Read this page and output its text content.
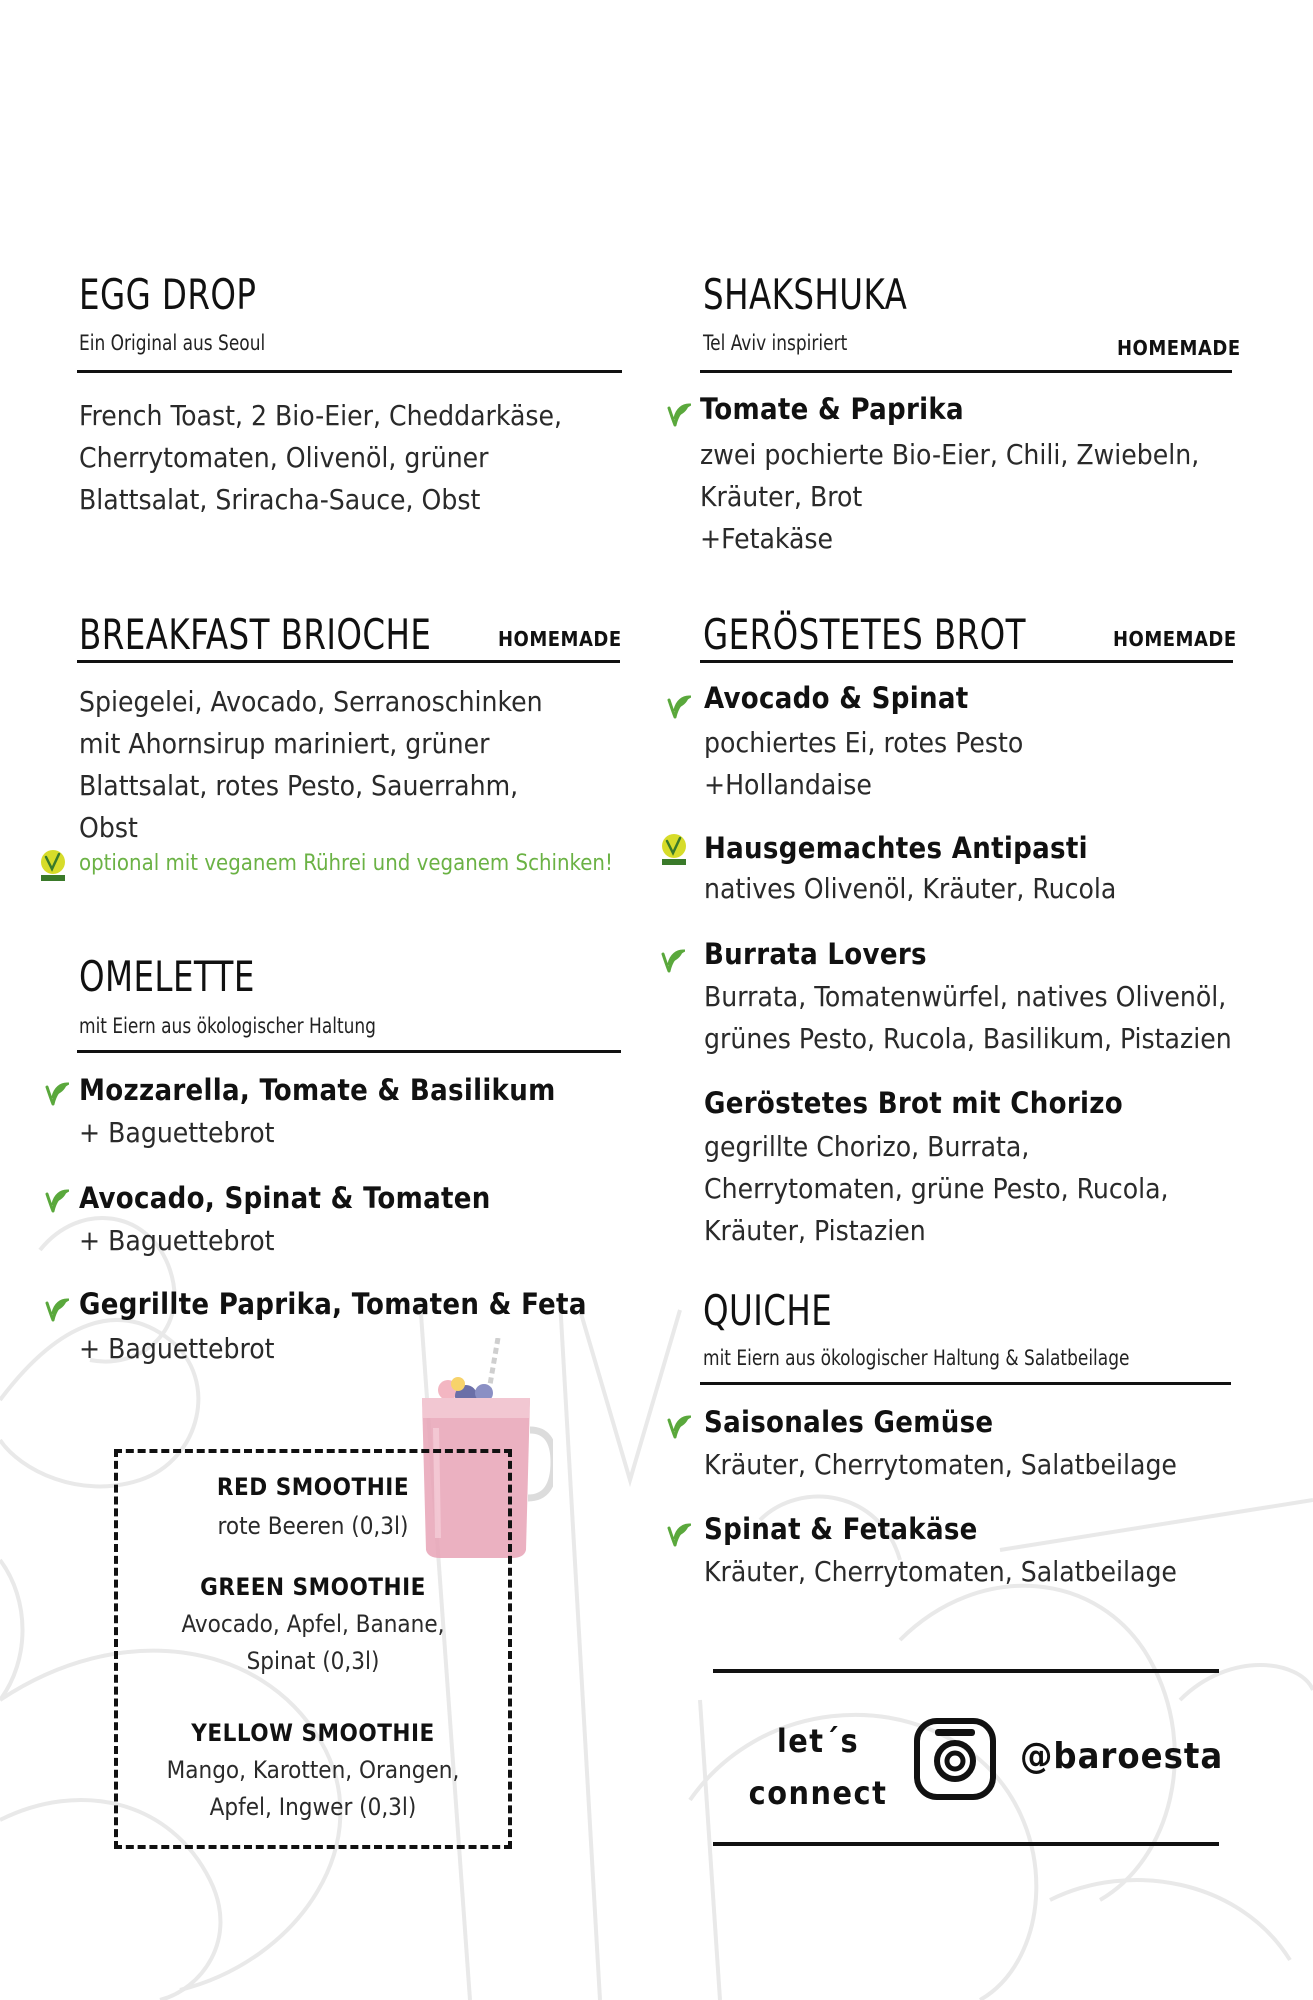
EGG DROP
Ein Original aus Seoul
French Toast, 2 Bio-Eier, Cheddarkäse, Cherrytomaten, Olivenöl, grüner Blattsalat, Sriracha-Sauce, Obst
SHAKSHUKA
Tel Aviv inspiriert	HOMEMADE
Tomate & Paprika
zwei pochierte Bio-Eier, Chili, Zwiebeln, Kräuter, Brot
+Fetakäse
BREAKFAST BRIOCHE	HOMEMADE
Spiegelei, Avocado, Serranoschinken mit Ahornsirup mariniert, grüner Blattsalat, rotes Pesto, Sauerrahm, Obst
optional mit veganem Rührei und veganem Schinken!
GERÖSTETES BROT	HOMEMADE
Avocado & Spinat
pochiertes Ei, rotes Pesto
+Hollandaise
Hausgemachtes Antipasti
natives Olivenöl, Kräuter, Rucola
Burrata Lovers
Burrata, Tomatenwürfel, natives Olivenöl, grünes Pesto, Rucola, Basilikum, Pistazien
Geröstetes Brot mit Chorizo
gegrillte Chorizo, Burrata, Cherrytomaten, grüne Pesto, Rucola, Kräuter, Pistazien
OMELETTE
mit Eiern aus ökologischer Haltung
Mozzarella, Tomate & Basilikum
+ Baguettebrot
Avocado, Spinat & Tomaten
+ Baguettebrot
Gegrillte Paprika, Tomaten & Feta
+ Baguettebrot
QUICHE
mit Eiern aus ökologischer Haltung & Salatbeilage
Saisonales Gemüse
Kräuter, Cherrytomaten, Salatbeilage
Spinat & Fetakäse
Kräuter, Cherrytomaten, Salatbeilage
RED SMOOTHIE
rote Beeren (0,3l)
GREEN SMOOTHIE
Avocado, Apfel, Banane, Spinat (0,3l)
YELLOW SMOOTHIE
Mango, Karotten, Orangen, Apfel, Ingwer (0,3l)
let´s connect
@baroesta
